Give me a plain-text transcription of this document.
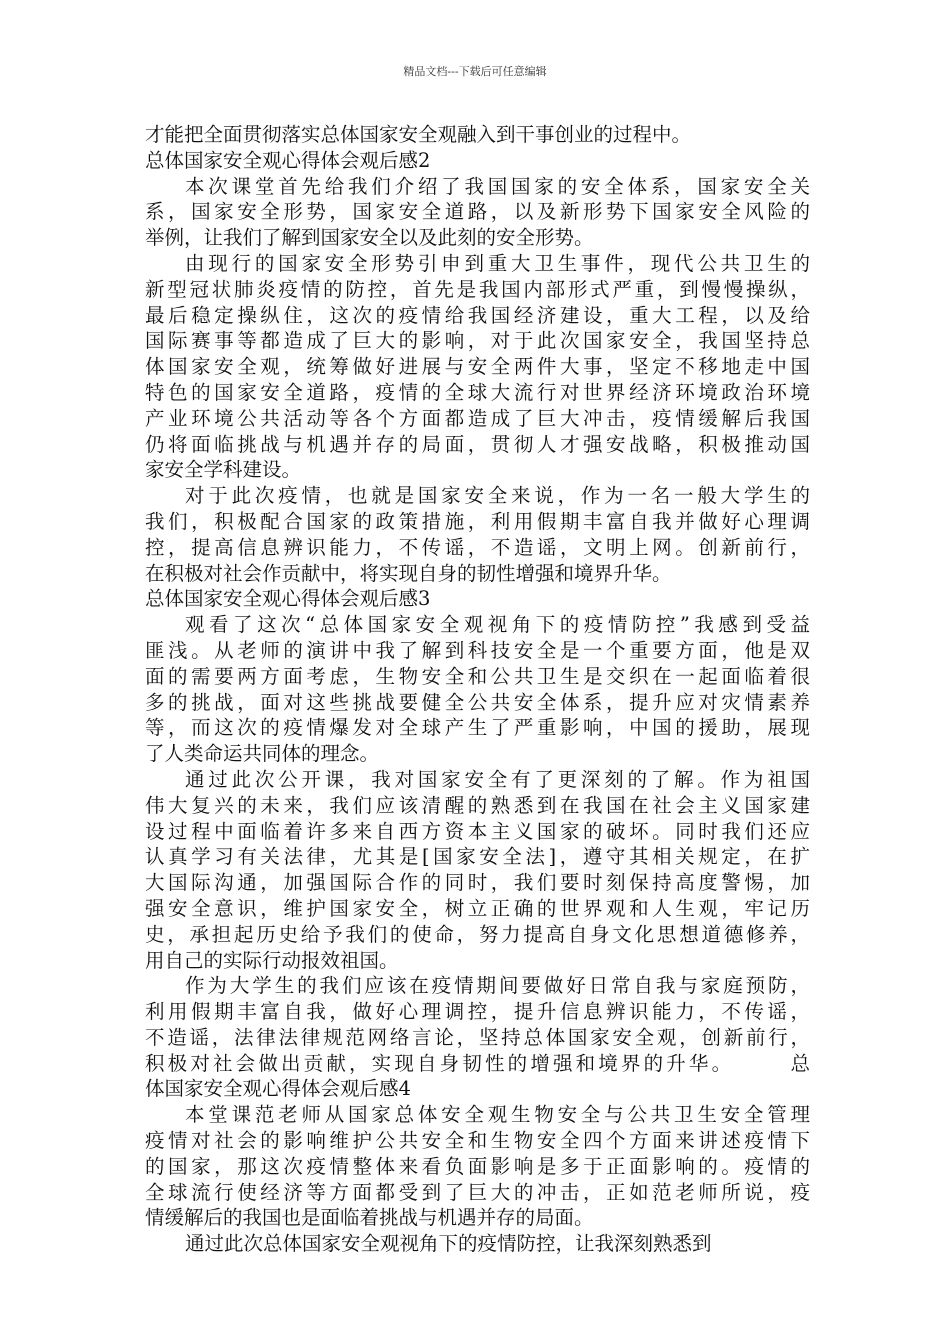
精品文档---下载后可任意编辑
才能把全面贯彻落实总体国家安全观融入到干事创业的过程中。
总体国家安全观心得体会观后感2
本次课堂首先给我们介绍了我国国家的安全体系，国家安全关
系，国家安全形势，国家安全道路，以及新形势下国家安全风险的
举例，让我们了解到国家安全以及此刻的安全形势。
由现行的国家安全形势引申到重大卫生事件，现代公共卫生的
新型冠状肺炎疫情的防控，首先是我国内部形式严重，到慢慢操纵，
最后稳定操纵住，这次的疫情给我国经济建设，重大工程，以及给
国际赛事等都造成了巨大的影响，对于此次国家安全，我国坚持总
体国家安全观，统筹做好进展与安全两件大事，坚定不移地走中国
特色的国家安全道路，疫情的全球大流行对世界经济环境政治环境
产业环境公共活动等各个方面都造成了巨大冲击，疫情缓解后我国
仍将面临挑战与机遇并存的局面，贯彻人才强安战略，积极推动国
家安全学科建设。
对于此次疫情，也就是国家安全来说，作为一名一般大学生的
我们，积极配合国家的政策措施，利用假期丰富自我并做好心理调
控，提高信息辨识能力，不传谣，不造谣，文明上网。创新前行，
在积极对社会作贡献中，将实现自身的韧性增强和境界升华。
总体国家安全观心得体会观后感3
观看了这次“总体国家安全观视角下的疫情防控”我感到受益
匪浅。从老师的演讲中我了解到科技安全是一个重要方面，他是双
面的需要两方面考虑，生物安全和公共卫生是交织在一起面临着很
多的挑战，面对这些挑战要健全公共安全体系，提升应对灾情素养
等，而这次的疫情爆发对全球产生了严重影响，中国的援助，展现
了人类命运共同体的理念。
通过此次公开课，我对国家安全有了更深刻的了解。作为祖国
伟大复兴的未来，我们应该清醒的熟悉到在我国在社会主义国家建
设过程中面临着许多来自西方资本主义国家的破坏。同时我们还应
认真学习有关法律，尤其是[国家安全法]，遵守其相关规定，在扩
大国际沟通，加强国际合作的同时，我们要时刻保持高度警惕，加
强安全意识，维护国家安全，树立正确的世界观和人生观，牢记历
史，承担起历史给予我们的使命，努力提高自身文化思想道德修养，
用自己的实际行动报效祖国。
作为大学生的我们应该在疫情期间要做好日常自我与家庭预防，
利用假期丰富自我，做好心理调控，提升信息辨识能力，不传谣，
不造谣，法律法律规范网络言论，坚持总体国家安全观，创新前行，
积极对社会做出贡献，实现自身韧性的增强和境界的升华。      总
体国家安全观心得体会观后感4
本堂课范老师从国家总体安全观生物安全与公共卫生安全管理
疫情对社会的影响维护公共安全和生物安全四个方面来讲述疫情下
的国家，那这次疫情整体来看负面影响是多于正面影响的。疫情的
全球流行使经济等方面都受到了巨大的冲击，正如范老师所说，疫
情缓解后的我国也是面临着挑战与机遇并存的局面。
通过此次总体国家安全观视角下的疫情防控，让我深刻熟悉到
